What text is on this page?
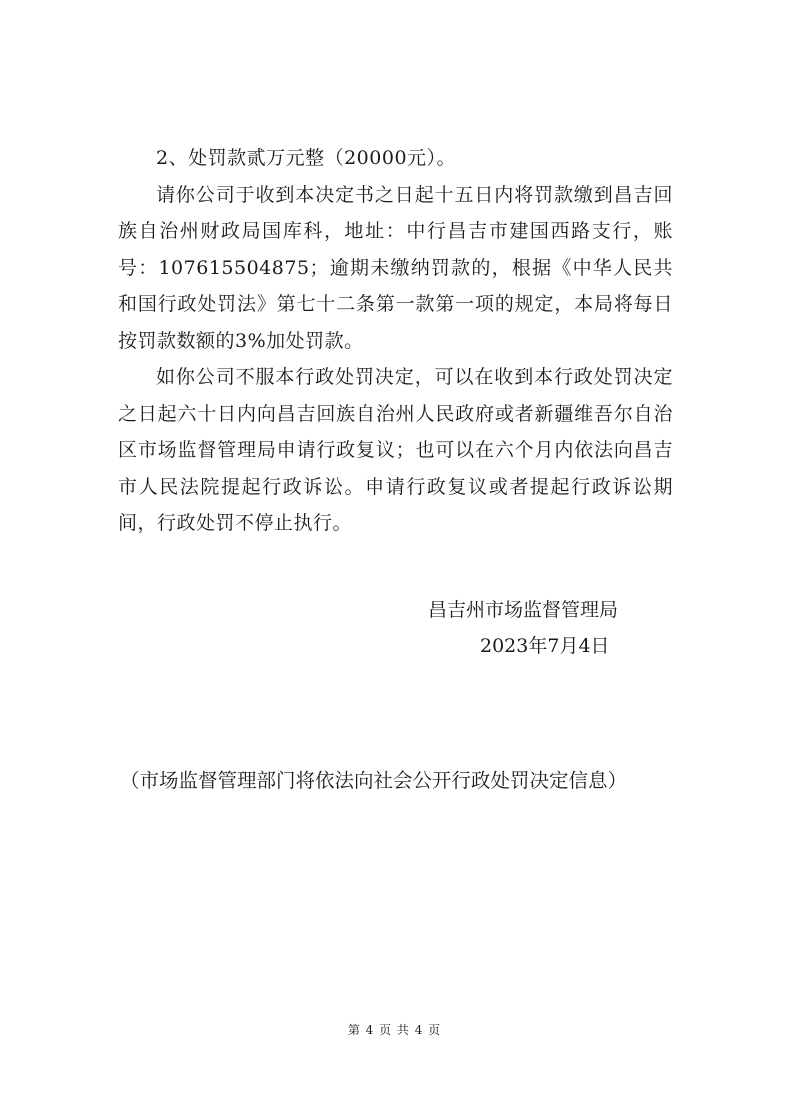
2、处罚款贰万元整（20000元）。

请你公司于收到本决定书之日起十五日内将罚款缴到昌吉回族自治州财政局国库科，地址：中行昌吉市建国西路支行，账号：107615504875；逾期未缴纳罚款的，根据《中华人民共和国行政处罚法》第七十二条第一款第一项的规定，本局将每日按罚款数额的3%加处罚款。

如你公司不服本行政处罚决定，可以在收到本行政处罚决定之日起六十日内向昌吉回族自治州人民政府或者新疆维吾尔自治区市场监督管理局申请行政复议；也可以在六个月内依法向昌吉市人民法院提起行政诉讼。申请行政复议或者提起行政诉讼期间，行政处罚不停止执行。

昌吉州市场监督管理局
2023年7月4日
（市场监督管理部门将依法向社会公开行政处罚决定信息）
第 4 页 共 4 页
